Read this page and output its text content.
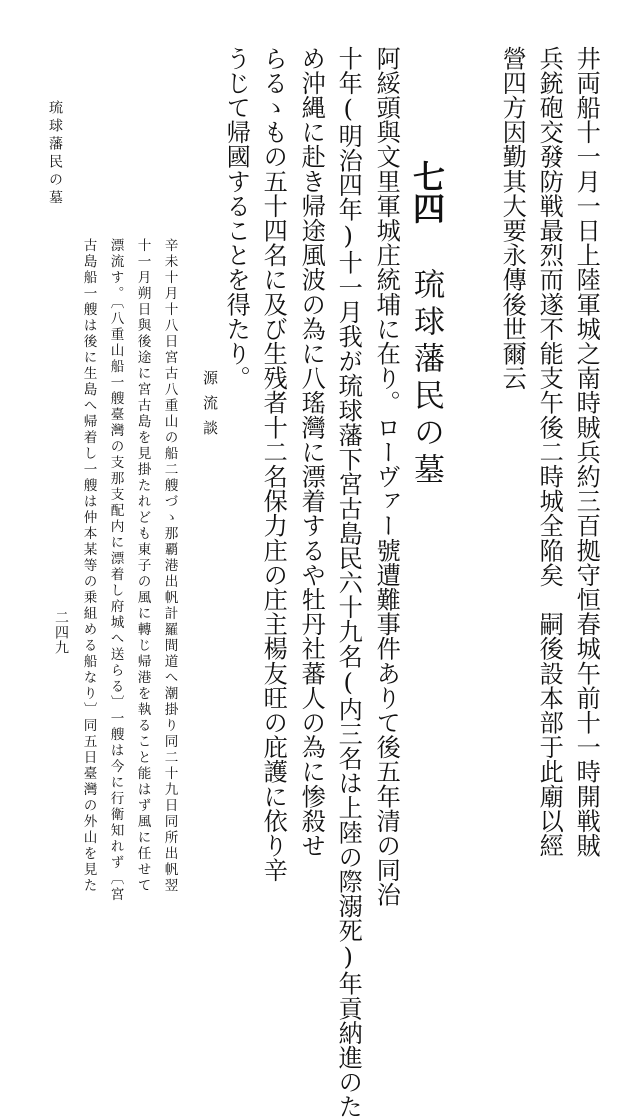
井両船十一月一日上陸軍城之南時賊兵約三百拠守恒春城午前十一時開戦賊

兵銃砲交發防戦最烈而遂不能支午後二時城全陥矣　嗣後設本部于此廟以經

營四方因勤其大要永傳後世爾云

七四

琉球藩民の墓

阿綏頭與文里軍城庄統埔に在り。ローヴァー號遭難事件ありて後五年清の同治

十年(明治四年)十一月我が琉球藩下宮古島民六十九名(内三名は上陸の際溺死)年貢納進のた

め沖縄に赴き帰途風波の為に八瑤灣に漂着するや牡丹社蕃人の為に惨殺せ

らるゝもの五十四名に及び生残者十二名保力庄の庄主楊友旺の庇護に依り辛

うじて帰國することを得たり。

源流談

辛未十月十八日宮古八重山の船二艘づゝ那覇港出帆計羅間道へ潮掛り同二十九日同所出帆翌

十一月朔日與後途に宮古島を見掛たれども東子の風に轉じ帰港を執ること能はず風に任せて

漂流す。〔八重山船一艘臺灣の支那支配内に漂着し府城へ送らる〕一艘は今に行衛知れず〔宮

古島船一艘は後に生島へ帰着し一艘は仲本某等の乗組める船なり〕同五日臺灣の外山を見た

琉球藩民の墓

二四九
